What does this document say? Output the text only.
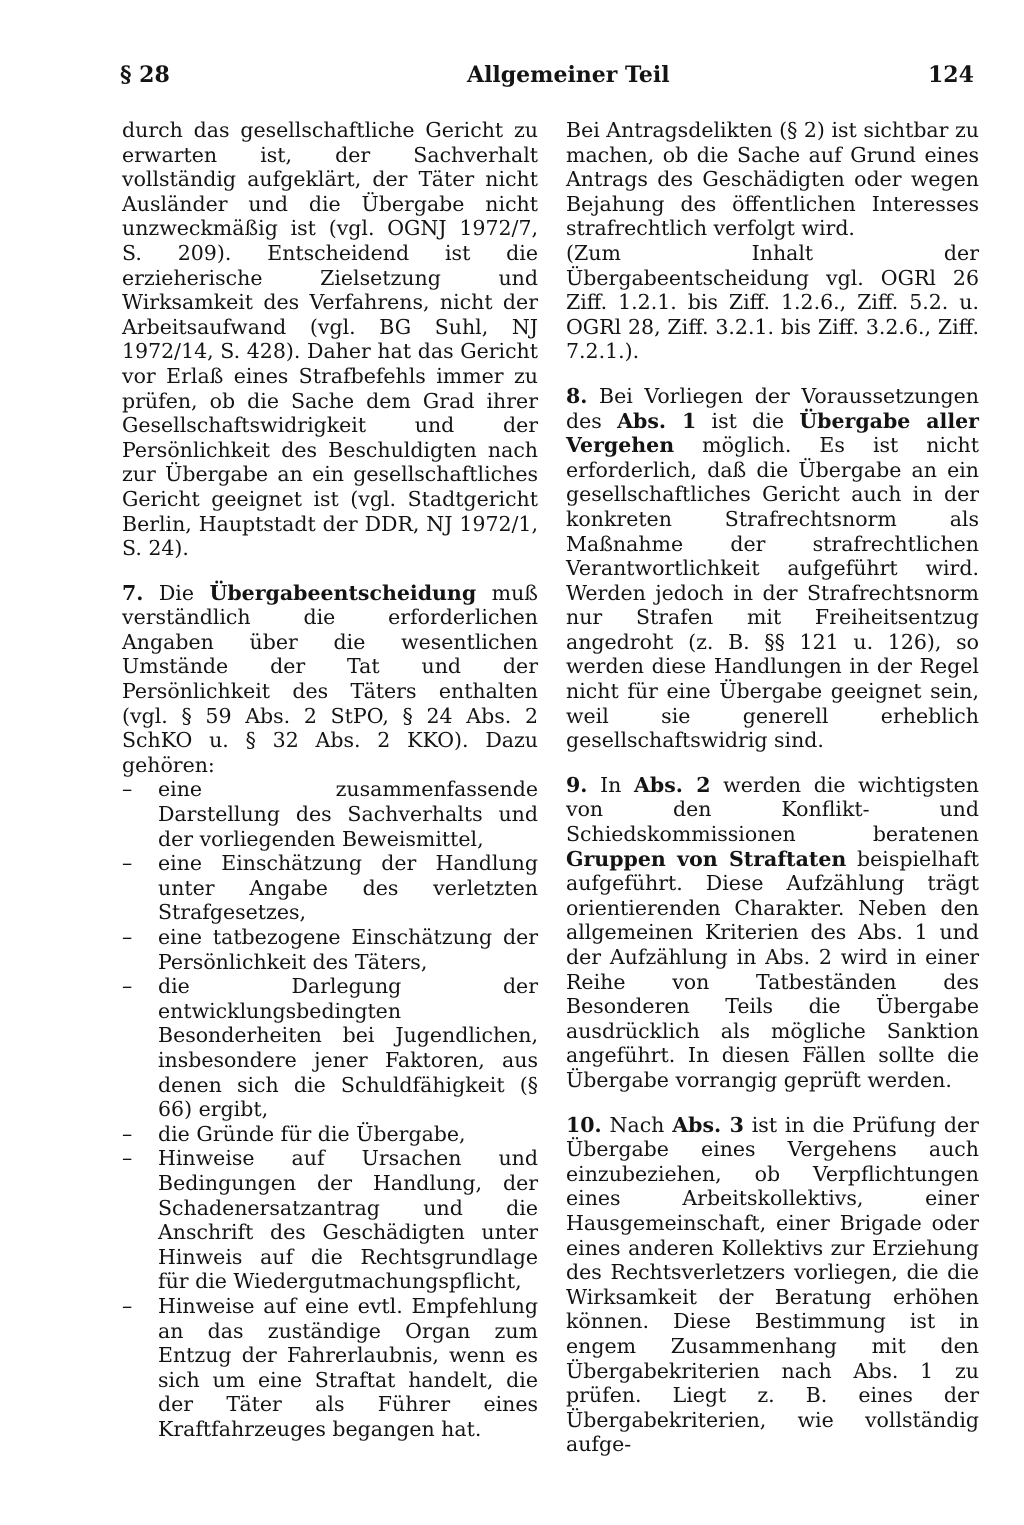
§ 28	Allgemeiner Teil	124

durch das gesellschaftliche Gericht zu erwarten ist, der Sachverhalt vollständig aufgeklärt, der Täter nicht Ausländer und die Übergabe nicht unzweckmäßig ist (vgl. OGNJ 1972/7, S. 209). Entscheidend ist die erzieherische Zielsetzung und Wirksamkeit des Verfahrens, nicht der Arbeitsaufwand (vgl. BG Suhl, NJ 1972/14, S. 428). Daher hat das Gericht vor Erlaß eines Strafbefehls immer zu prüfen, ob die Sache dem Grad ihrer Gesellschaftswidrigkeit und der Persönlichkeit des Beschuldigten nach zur Übergabe an ein gesellschaftliches Gericht geeignet ist (vgl. Stadtgericht Berlin, Hauptstadt der DDR, NJ 1972/1, S. 24).

7. Die Übergabeentscheidung muß verständlich die erforderlichen Angaben über die wesentlichen Umstände der Tat und der Persönlichkeit des Täters enthalten (vgl. § 59 Abs. 2 StPO, § 24 Abs. 2 SchKO u. § 32 Abs. 2 KKO). Dazu gehören:

– eine zusammenfassende Darstellung des Sachverhalts und der vorliegenden Beweismittel,
– eine Einschätzung der Handlung unter Angabe des verletzten Strafgesetzes,
– eine tatbezogene Einschätzung der Persönlichkeit des Täters,
– die Darlegung der entwicklungsbedingten Besonderheiten bei Jugendlichen, insbesondere jener Faktoren, aus denen sich die Schuldfähigkeit (§ 66) ergibt,
– die Gründe für die Übergabe,
– Hinweise auf Ursachen und Bedingungen der Handlung, der Schadenersatzantrag und die Anschrift des Geschädigten unter Hinweis auf die Rechtsgrundlage für die Wiedergutmachungspflicht,
– Hinweise auf eine evtl. Empfehlung an das zuständige Organ zum Entzug der Fahrerlaubnis, wenn es sich um eine Straftat handelt, die der Täter als Führer eines Kraftfahrzeuges begangen hat.

Bei Antragsdelikten (§ 2) ist sichtbar zu machen, ob die Sache auf Grund eines Antrags des Geschädigten oder wegen Bejahung des öffentlichen Interesses strafrechtlich verfolgt wird.

(Zum Inhalt der Übergabeentscheidung vgl. OGRl 26 Ziff. 1.2.1. bis Ziff. 1.2.6., Ziff. 5.2. u. OGRl 28, Ziff. 3.2.1. bis Ziff. 3.2.6., Ziff. 7.2.1.).

8. Bei Vorliegen der Voraussetzungen des Abs. 1 ist die Übergabe aller Vergehen möglich. Es ist nicht erforderlich, daß die Übergabe an ein gesellschaftliches Gericht auch in der konkreten Strafrechtsnorm als Maßnahme der strafrechtlichen Verantwortlichkeit aufgeführt wird. Werden jedoch in der Strafrechtsnorm nur Strafen mit Freiheitsentzug angedroht (z. B. §§ 121 u. 126), so werden diese Handlungen in der Regel nicht für eine Übergabe geeignet sein, weil sie generell erheblich gesellschaftswidrig sind.

9. In Abs. 2 werden die wichtigsten von den Konflikt- und Schiedskommissionen beratenen Gruppen von Straftaten beispielhaft aufgeführt. Diese Aufzählung trägt orientierenden Charakter. Neben den allgemeinen Kriterien des Abs. 1 und der Aufzählung in Abs. 2 wird in einer Reihe von Tatbeständen des Besonderen Teils die Übergabe ausdrücklich als mögliche Sanktion angeführt. In diesen Fällen sollte die Übergabe vorrangig geprüft werden.

10. Nach Abs. 3 ist in die Prüfung der Übergabe eines Vergehens auch einzubeziehen, ob Verpflichtungen eines Arbeitskollektivs, einer Hausgemeinschaft, einer Brigade oder eines anderen Kollektivs zur Erziehung des Rechtsverletzers vorliegen, die die Wirksamkeit der Beratung erhöhen können. Diese Bestimmung ist in engem Zusammenhang mit den Übergabekriterien nach Abs. 1 zu prüfen. Liegt z. B. eines der Übergabekriterien, wie vollständig aufge-
